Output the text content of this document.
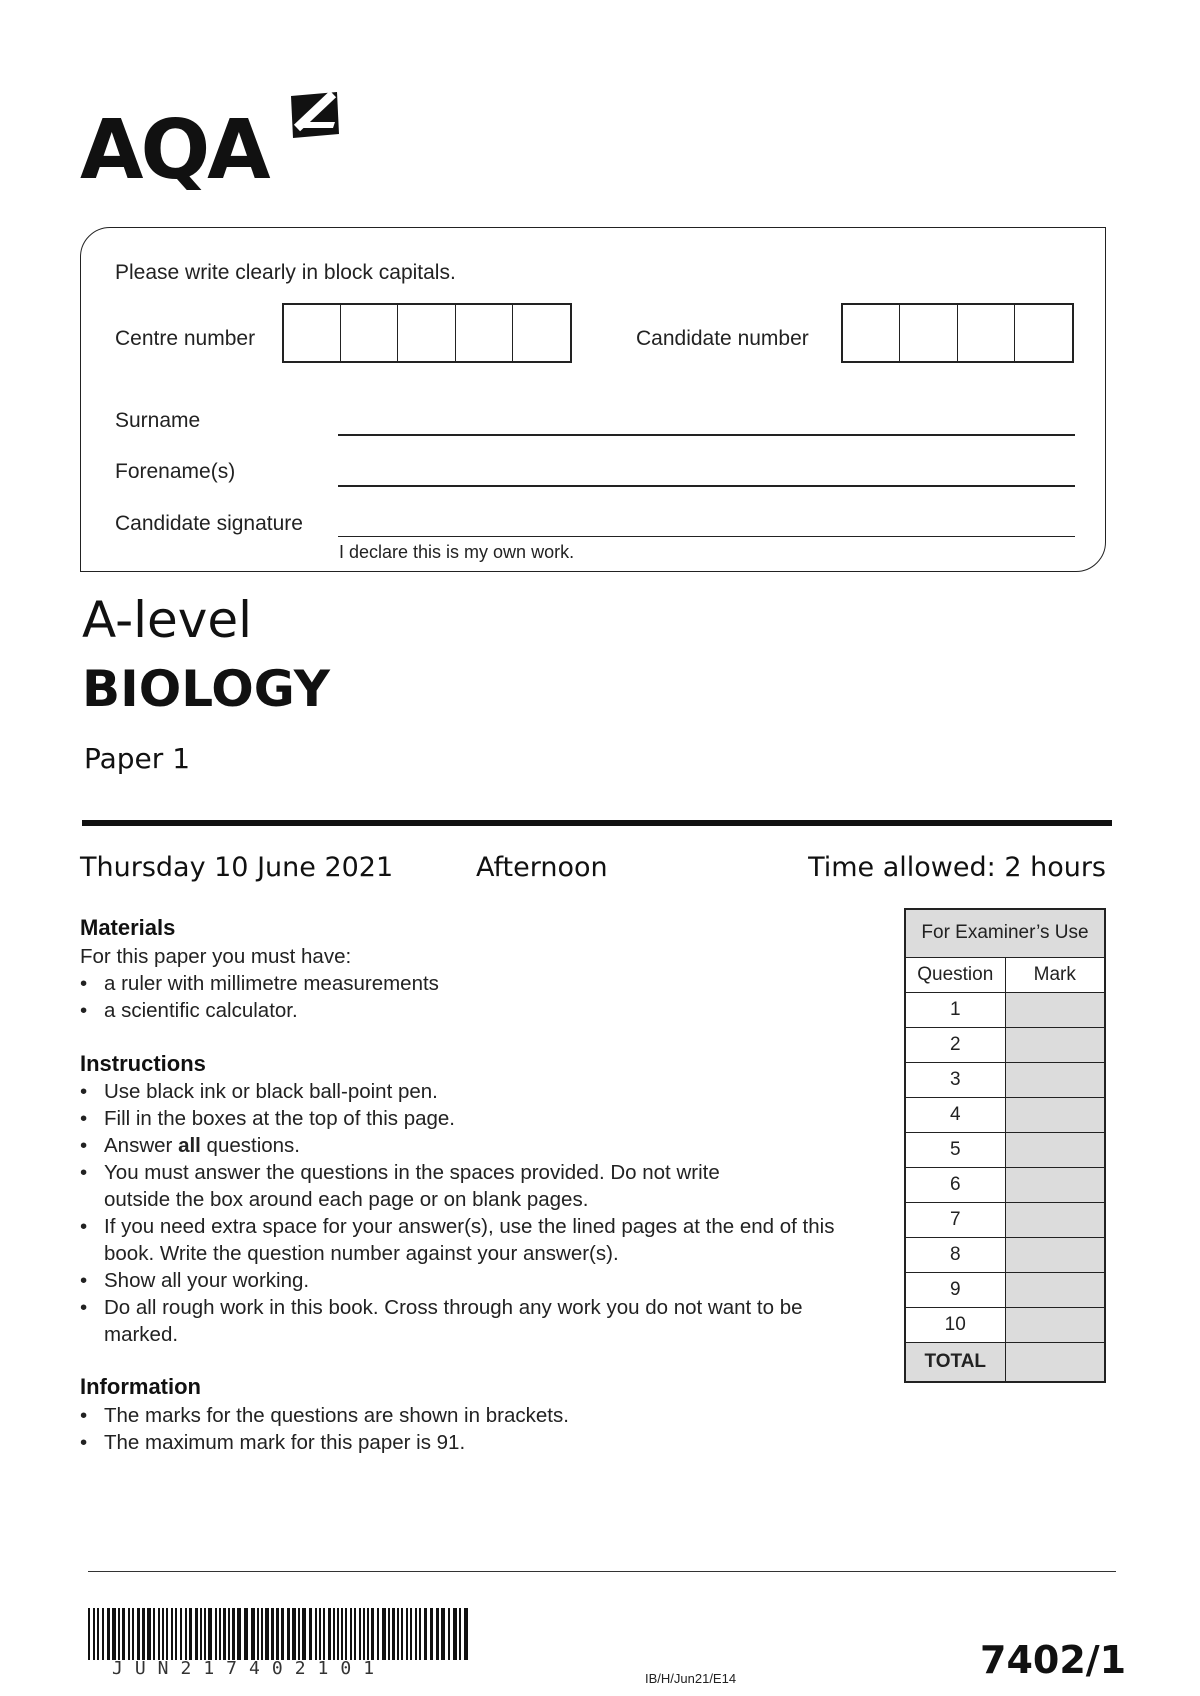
AQA
Please write clearly in block capitals.
Centre number	Candidate number
Surname
Forename(s)
Candidate signature
I declare this is my own work.
A-level
BIOLOGY
Paper 1
Thursday 10 June 2021	Afternoon	Time allowed: 2 hours
Materials
For this paper you must have:
• a ruler with millimetre measurements
• a scientific calculator.
Instructions
• Use black ink or black ball-point pen.
• Fill in the boxes at the top of this page.
• Answer all questions.
• You must answer the questions in the spaces provided. Do not write outside the box around each page or on blank pages.
• If you need extra space for your answer(s), use the lined pages at the end of this book. Write the question number against your answer(s).
• Show all your working.
• Do all rough work in this book. Cross through any work you do not want to be marked.
Information
• The marks for the questions are shown in brackets.
• The maximum mark for this paper is 91.
For Examiner’s Use	
Question	Mark
1	
2	
3	
4	
5	
6	
7	
8	
9	
10	
TOTAL	
JUN217402101	IB/H/Jun21/E14	7402/1
